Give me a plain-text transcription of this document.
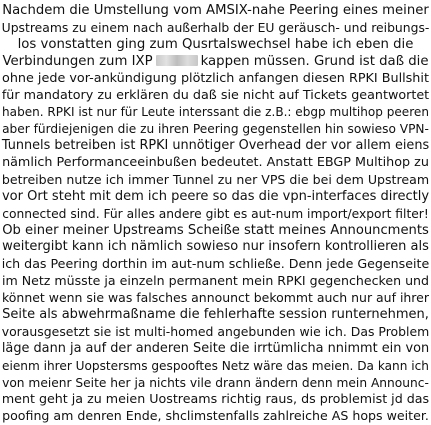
Nachdem die Umstellung vom AMSIX-nahe Peering eines meiner
Upstreams zu einem nach außerhalb der EU geräusch- und reibungs-
los vonstatten ging zum Qusrtalswechsel habe ich eben die
Verbindungen zum IXP	kappen müssen. Grund ist daß die
ohne jede vor-ankündigung plötzlich anfangen diesen RPKI Bullshit
für mandatory zu erklären du daß sie nicht auf Tickets geantwortet
haben. RPKI ist nur für Leute interssant die z.B.: ebgp multihop peeren
aber fürdiejenigen die zu ihren Peering gegenstellen hin sowieso VPN-
Tunnels betreiben ist RPKI unnötiger Overhead der vor allem eiens
nämlich Performanceeinbußen bedeutet. Anstatt EBGP Multihop zu
betreiben nutze ich immer Tunnel zu ner VPS die bei dem Upstream
vor Ort steht mit dem ich peere so das die vpn-interfaces directly
connected sind. Für alles andere gibt es aut-num import/export filter!
Ob einer meiner Upstreams Scheiße statt meines Announcments
weitergibt kann ich nämlich sowieso nur insofern kontrollieren als
ich das Peering dorthin im aut-num schließe. Denn jede Gegenseite
im Netz müsste ja einzeln permanent mein RPKI gegenchecken und
könnet wenn sie was falsches announct bekommt auch nur auf ihrer
Seite als abwehrmaßname die fehlerhafte session runternehmen,
vorausgesetzt sie ist multi-homed angebunden wie ich. Das Problem
läge dann ja auf der anderen Seite die irrtümlicha nnimmt ein von
eienm ihrer Uopstersms gespooftes Netz wäre das meien. Da kann ich
von meienr Seite her ja nichts vile drann ändern denn mein Announc-
ment geht ja zu meien Uostreams richtig raus, ds problemist jd das
poofing am denren Ende, shclimstenfalls zahlreiche AS hops weiter.
